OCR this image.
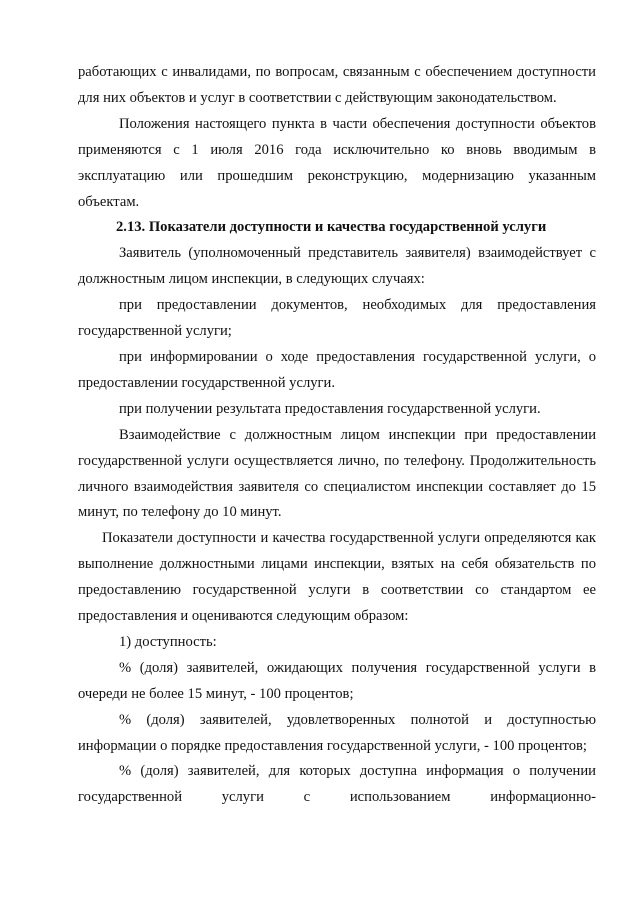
работающих с инвалидами, по вопросам, связанным с обеспечением доступности для них объектов и услуг в соответствии с действующим законодательством.

Положения настоящего пункта в части обеспечения доступности объектов применяются с 1 июля 2016 года исключительно ко вновь вводимым в эксплуатацию или прошедшим реконструкцию, модернизацию указанным объектам.

2.13. Показатели доступности и качества государственной услуги

Заявитель (уполномоченный представитель заявителя) взаимодействует с должностным лицом инспекции, в следующих случаях:

при предоставлении документов, необходимых для предоставления государственной услуги;

при информировании о ходе предоставления государственной услуги, о предоставлении государственной услуги.

при получении результата предоставления государственной услуги.

Взаимодействие с должностным лицом инспекции при предоставлении государственной услуги осуществляется лично, по телефону. Продолжительность личного взаимодействия заявителя со специалистом инспекции составляет до 15 минут, по телефону до 10 минут.

Показатели доступности и качества государственной услуги определяются как выполнение должностными лицами инспекции, взятых на себя обязательств по предоставлению государственной услуги в соответствии со стандартом ее предоставления и оцениваются следующим образом:

1) доступность:

% (доля) заявителей, ожидающих получения государственной услуги в очереди не более 15 минут, - 100 процентов;

% (доля) заявителей, удовлетворенных полнотой и доступностью информации о порядке предоставления государственной услуги, - 100 процентов;

% (доля) заявителей, для которых доступна информация о получении государственной услуги с использованием информационно-
